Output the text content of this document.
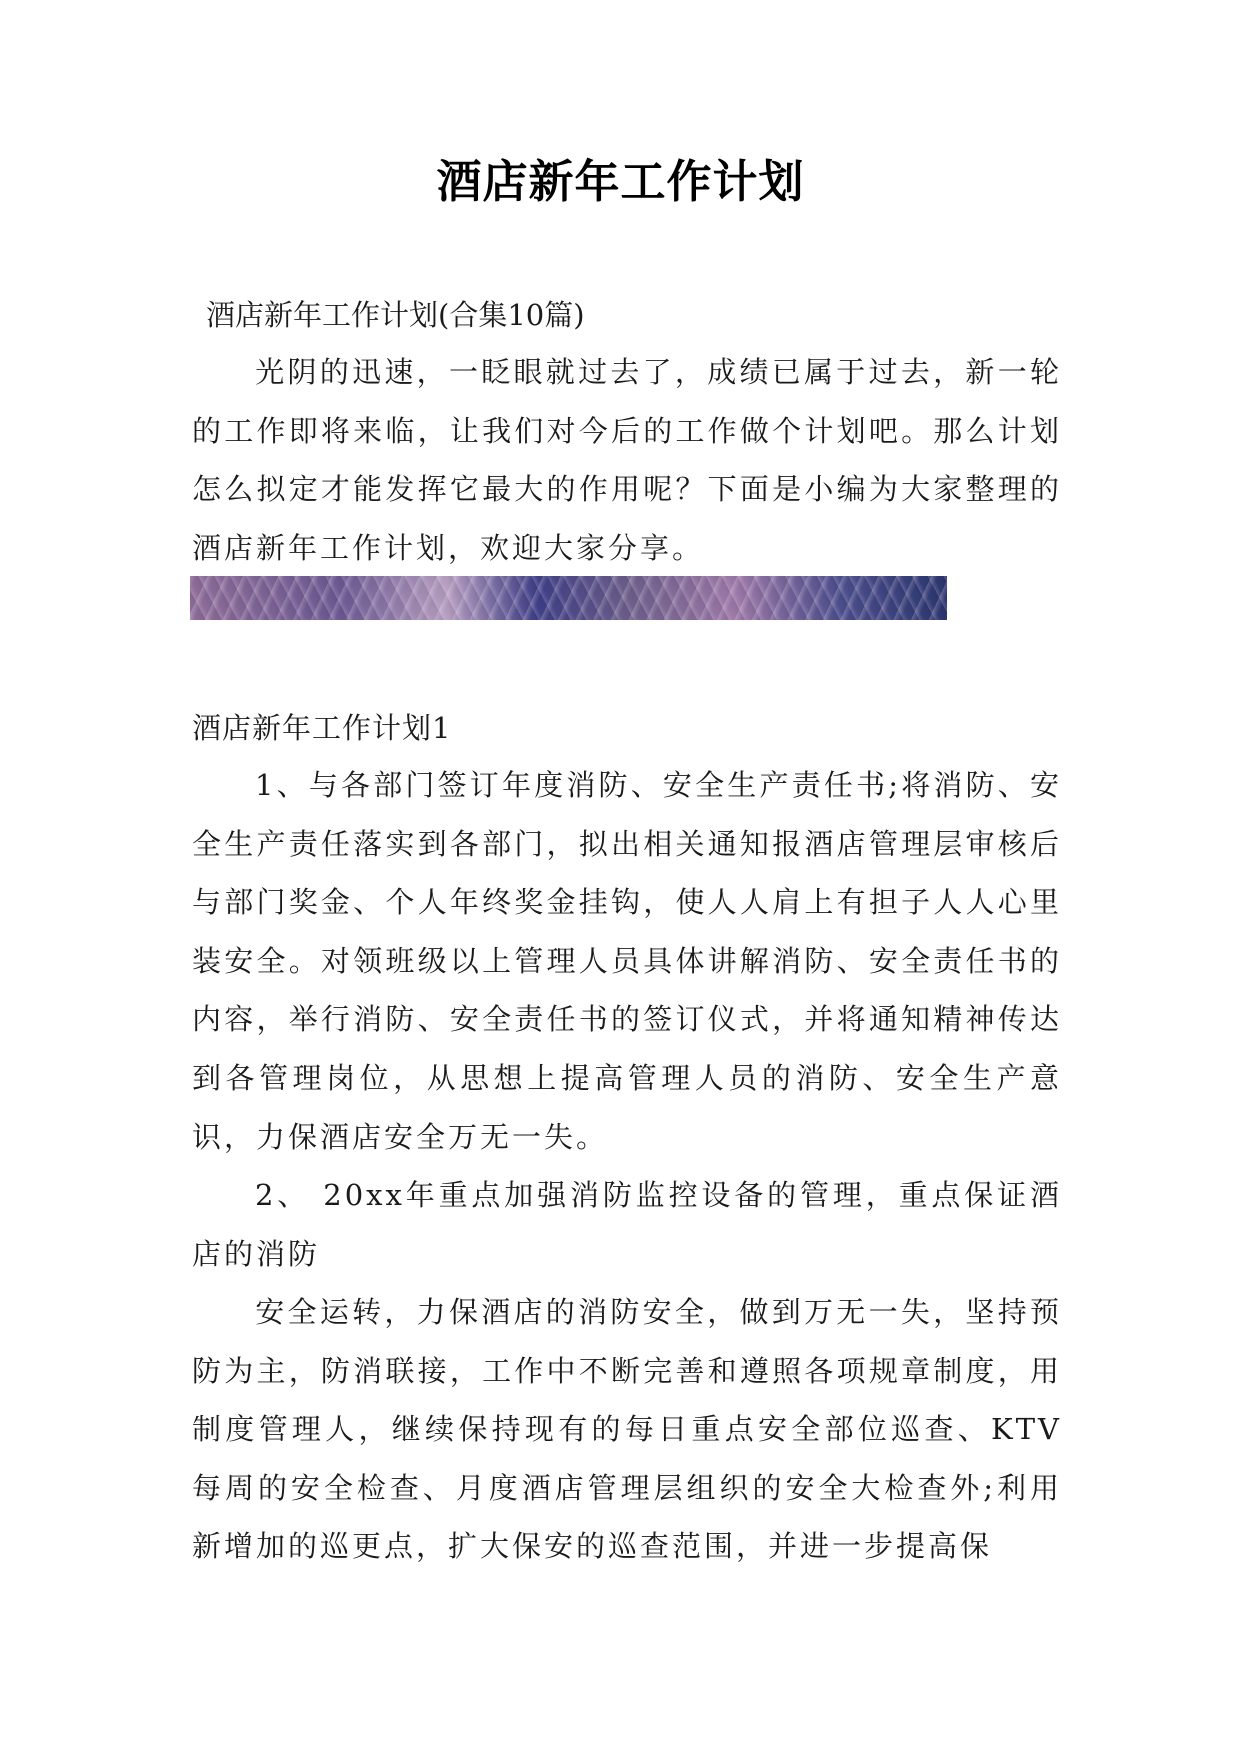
酒店新年工作计划
酒店新年工作计划(合集10篇)
光阴的迅速，一眨眼就过去了，成绩已属于过去，新一轮的工作即将来临，让我们对今后的工作做个计划吧。那么计划怎么拟定才能发挥它最大的作用呢？下面是小编为大家整理的酒店新年工作计划，欢迎大家分享。
酒店新年工作计划1
1、与各部门签订年度消防、安全生产责任书;将消防、安全生产责任落实到各部门，拟出相关通知报酒店管理层审核后与部门奖金、个人年终奖金挂钩，使人人肩上有担子人人心里装安全。对领班级以上管理人员具体讲解消防、安全责任书的内容，举行消防、安全责任书的签订仪式，并将通知精神传达到各管理岗位，从思想上提高管理人员的消防、安全生产意识，力保酒店安全万无一失。
2、 20xx年重点加强消防监控设备的管理，重点保证酒店的消防
安全运转，力保酒店的消防安全，做到万无一失，坚持预防为主，防消联接，工作中不断完善和遵照各项规章制度，用制度管理人，继续保持现有的每日重点安全部位巡查、KTV每周的安全检查、月度酒店管理层组织的安全大检查外;利用新增加的巡更点，扩大保安的巡查范围，并进一步提高保
